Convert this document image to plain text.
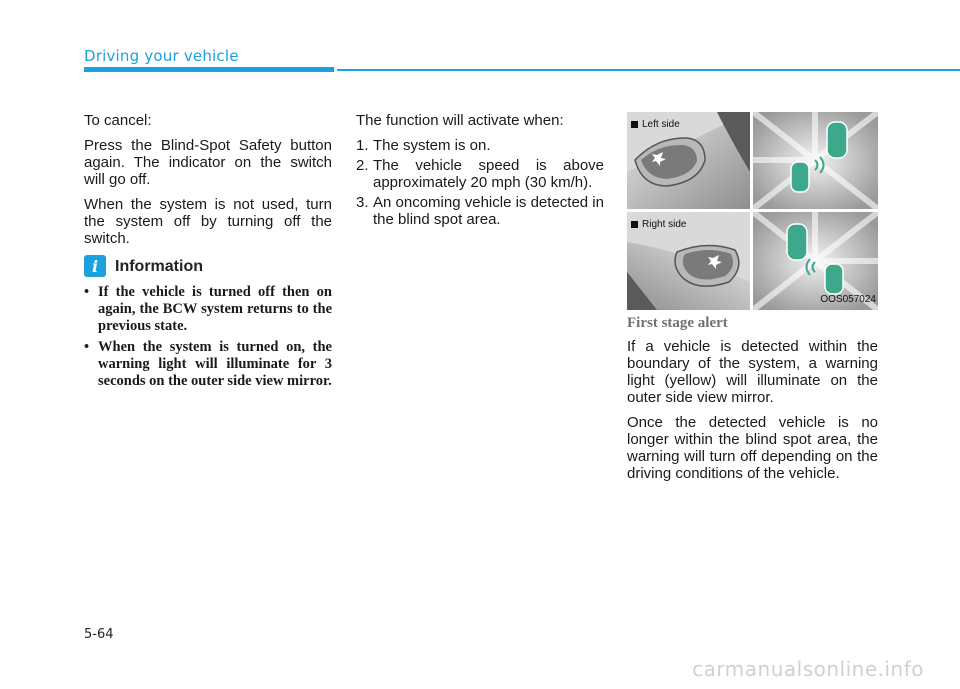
Driving your vehicle

To cancel:

Press the Blind-Spot Safety button again. The indicator on the switch will go off.

When the system is not used, turn the system off by turning off the switch.

i	Information
• If the vehicle is turned off then on again, the BCW system returns to the previous state.
• When the system is turned on, the warning light will illuminate for 3 seconds on the outer side view mirror.

The function will activate when:

1. The system is on.
2. The vehicle speed is above approximately 20 mph (30 km/h).
3. An oncoming vehicle is detected in the blind spot area.
Left side
Right side
OOS057024
First stage alert

If a vehicle is detected within the boundary of the system, a warning light (yellow) will illuminate on the outer side view mirror.

Once the detected vehicle is no longer within the blind spot area, the warning will turn off depending on the driving conditions of the vehicle.

5-64
carmanualsonline.info
